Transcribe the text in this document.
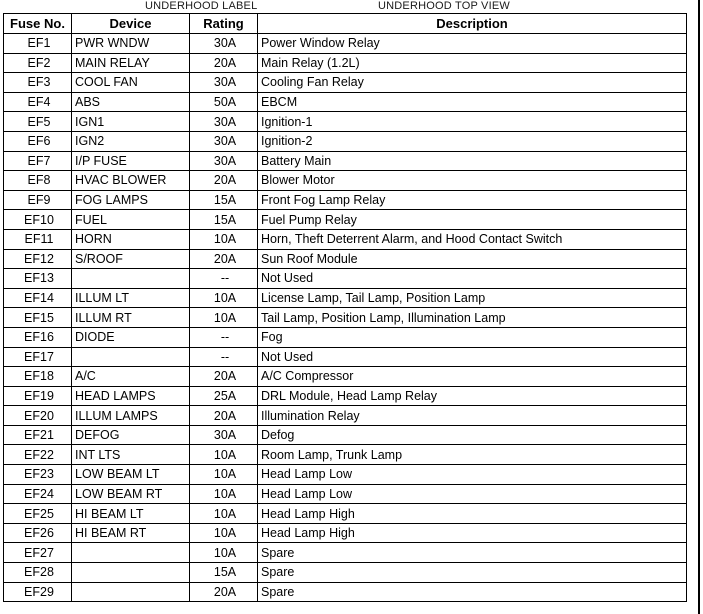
UNDERHOOD LABEL	UNDERHOOD TOP VIEW
Fuse No.	Device	Rating	Description
EF1	PWR WNDW	30A	Power Window Relay
EF2	MAIN RELAY	20A	Main Relay (1.2L)
EF3	COOL FAN	30A	Cooling Fan Relay
EF4	ABS	50A	EBCM
EF5	IGN1	30A	Ignition-1
EF6	IGN2	30A	Ignition-2
EF7	I/P FUSE	30A	Battery Main
EF8	HVAC BLOWER	20A	Blower Motor
EF9	FOG LAMPS	15A	Front Fog Lamp Relay
EF10	FUEL	15A	Fuel Pump Relay
EF11	HORN	10A	Horn, Theft Deterrent Alarm, and Hood Contact Switch
EF12	S/ROOF	20A	Sun Roof Module
EF13		--	Not Used
EF14	ILLUM LT	10A	License Lamp, Tail Lamp, Position Lamp
EF15	ILLUM RT	10A	Tail Lamp, Position Lamp, Illumination Lamp
EF16	DIODE	--	Fog
EF17		--	Not Used
EF18	A/C	20A	A/C Compressor
EF19	HEAD LAMPS	25A	DRL Module, Head Lamp Relay
EF20	ILLUM LAMPS	20A	Illumination Relay
EF21	DEFOG	30A	Defog
EF22	INT LTS	10A	Room Lamp, Trunk Lamp
EF23	LOW BEAM LT	10A	Head Lamp Low
EF24	LOW BEAM RT	10A	Head Lamp Low
EF25	HI BEAM LT	10A	Head Lamp High
EF26	HI BEAM RT	10A	Head Lamp High
EF27		10A	Spare
EF28		15A	Spare
EF29		20A	Spare
